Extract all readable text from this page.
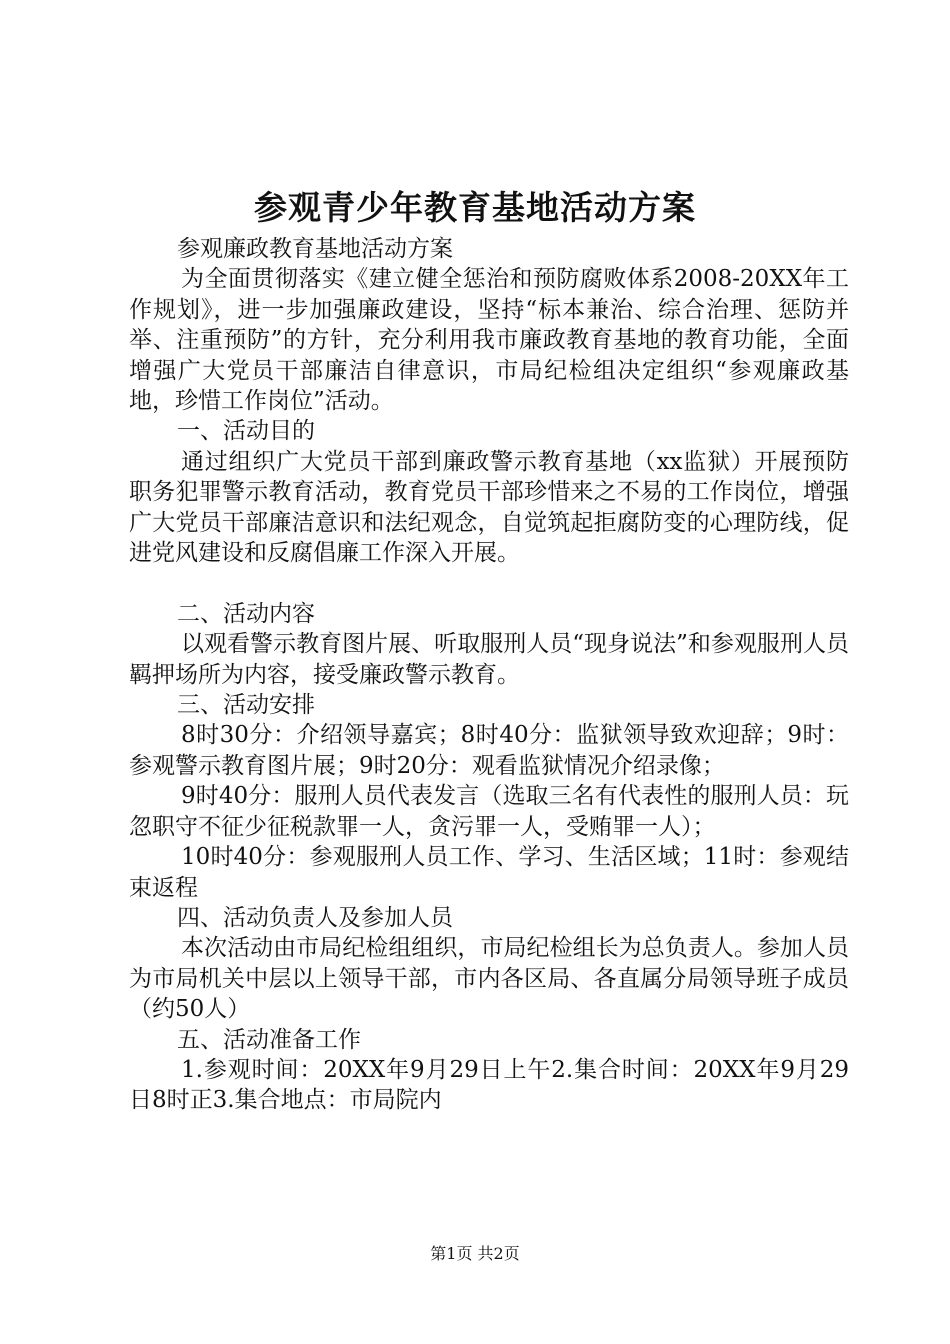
参观青少年教育基地活动方案

参观廉政教育基地活动方案

为全面贯彻落实《建立健全惩治和预防腐败体系2008-20XX年工作规划》，进一步加强廉政建设，坚持“标本兼治、综合治理、惩防并举、注重预防”的方针，充分利用我市廉政教育基地的教育功能，全面增强广大党员干部廉洁自律意识，市局纪检组决定组织“参观廉政基地，珍惜工作岗位”活动。

一、活动目的

通过组织广大党员干部到廉政警示教育基地（xx监狱）开展预防职务犯罪警示教育活动，教育党员干部珍惜来之不易的工作岗位，增强广大党员干部廉洁意识和法纪观念，自觉筑起拒腐防变的心理防线，促进党风建设和反腐倡廉工作深入开展。

二、活动内容

以观看警示教育图片展、听取服刑人员“现身说法”和参观服刑人员羁押场所为内容，接受廉政警示教育。

三、活动安排

8时30分：介绍领导嘉宾；8时40分：监狱领导致欢迎辞；9时：参观警示教育图片展；9时20分：观看监狱情况介绍录像；

9时40分：服刑人员代表发言（选取三名有代表性的服刑人员：玩忽职守不征少征税款罪一人，贪污罪一人，受贿罪一人）；

10时40分：参观服刑人员工作、学习、生活区域；11时：参观结束返程

四、活动负责人及参加人员

本次活动由市局纪检组组织，市局纪检组长为总负责人。参加人员为市局机关中层以上领导干部，市内各区局、各直属分局领导班子成员（约50人）

五、活动准备工作

1.参观时间：20XX年9月29日上午2.集合时间：20XX年9月29日8时正3.集合地点：市局院内

第1页 共2页
